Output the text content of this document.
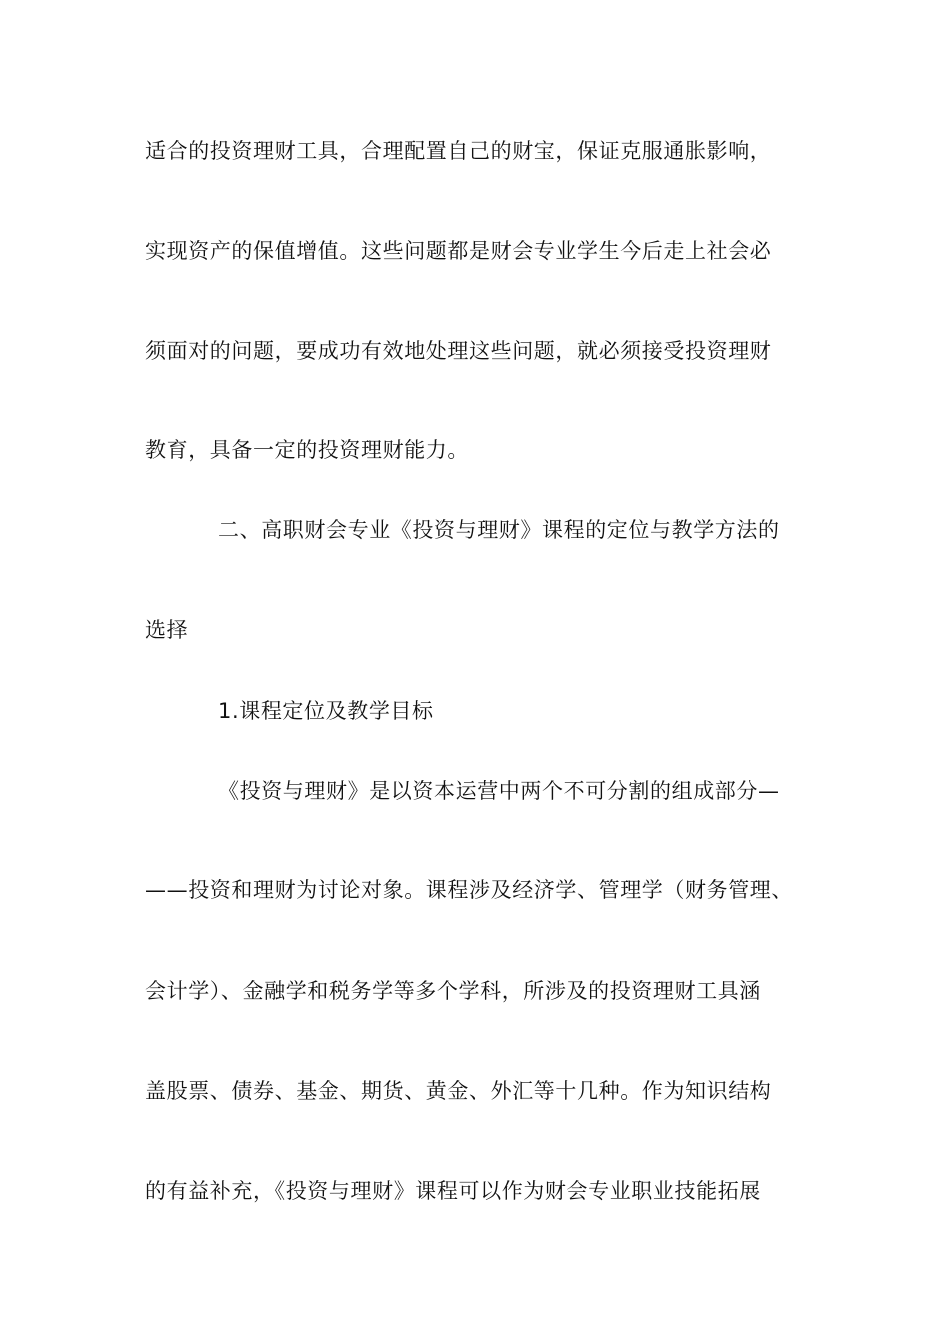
适合的投资理财工具，合理配置自己的财宝，保证克服通胀影响，
实现资产的保值增值。这些问题都是财会专业学生今后走上社会必
须面对的问题，要成功有效地处理这些问题，就必须接受投资理财
教育，具备一定的投资理财能力。
二、高职财会专业《投资与理财》课程的定位与教学方法的
选择
1.课程定位及教学目标
《投资与理财》是以资本运营中两个不可分割的组成部分—
——投资和理财为讨论对象。课程涉及经济学、管理学（财务管理、
会计学）、金融学和税务学等多个学科，所涉及的投资理财工具涵
盖股票、债券、基金、期货、黄金、外汇等十几种。作为知识结构
的有益补充，《投资与理财》课程可以作为财会专业职业技能拓展
